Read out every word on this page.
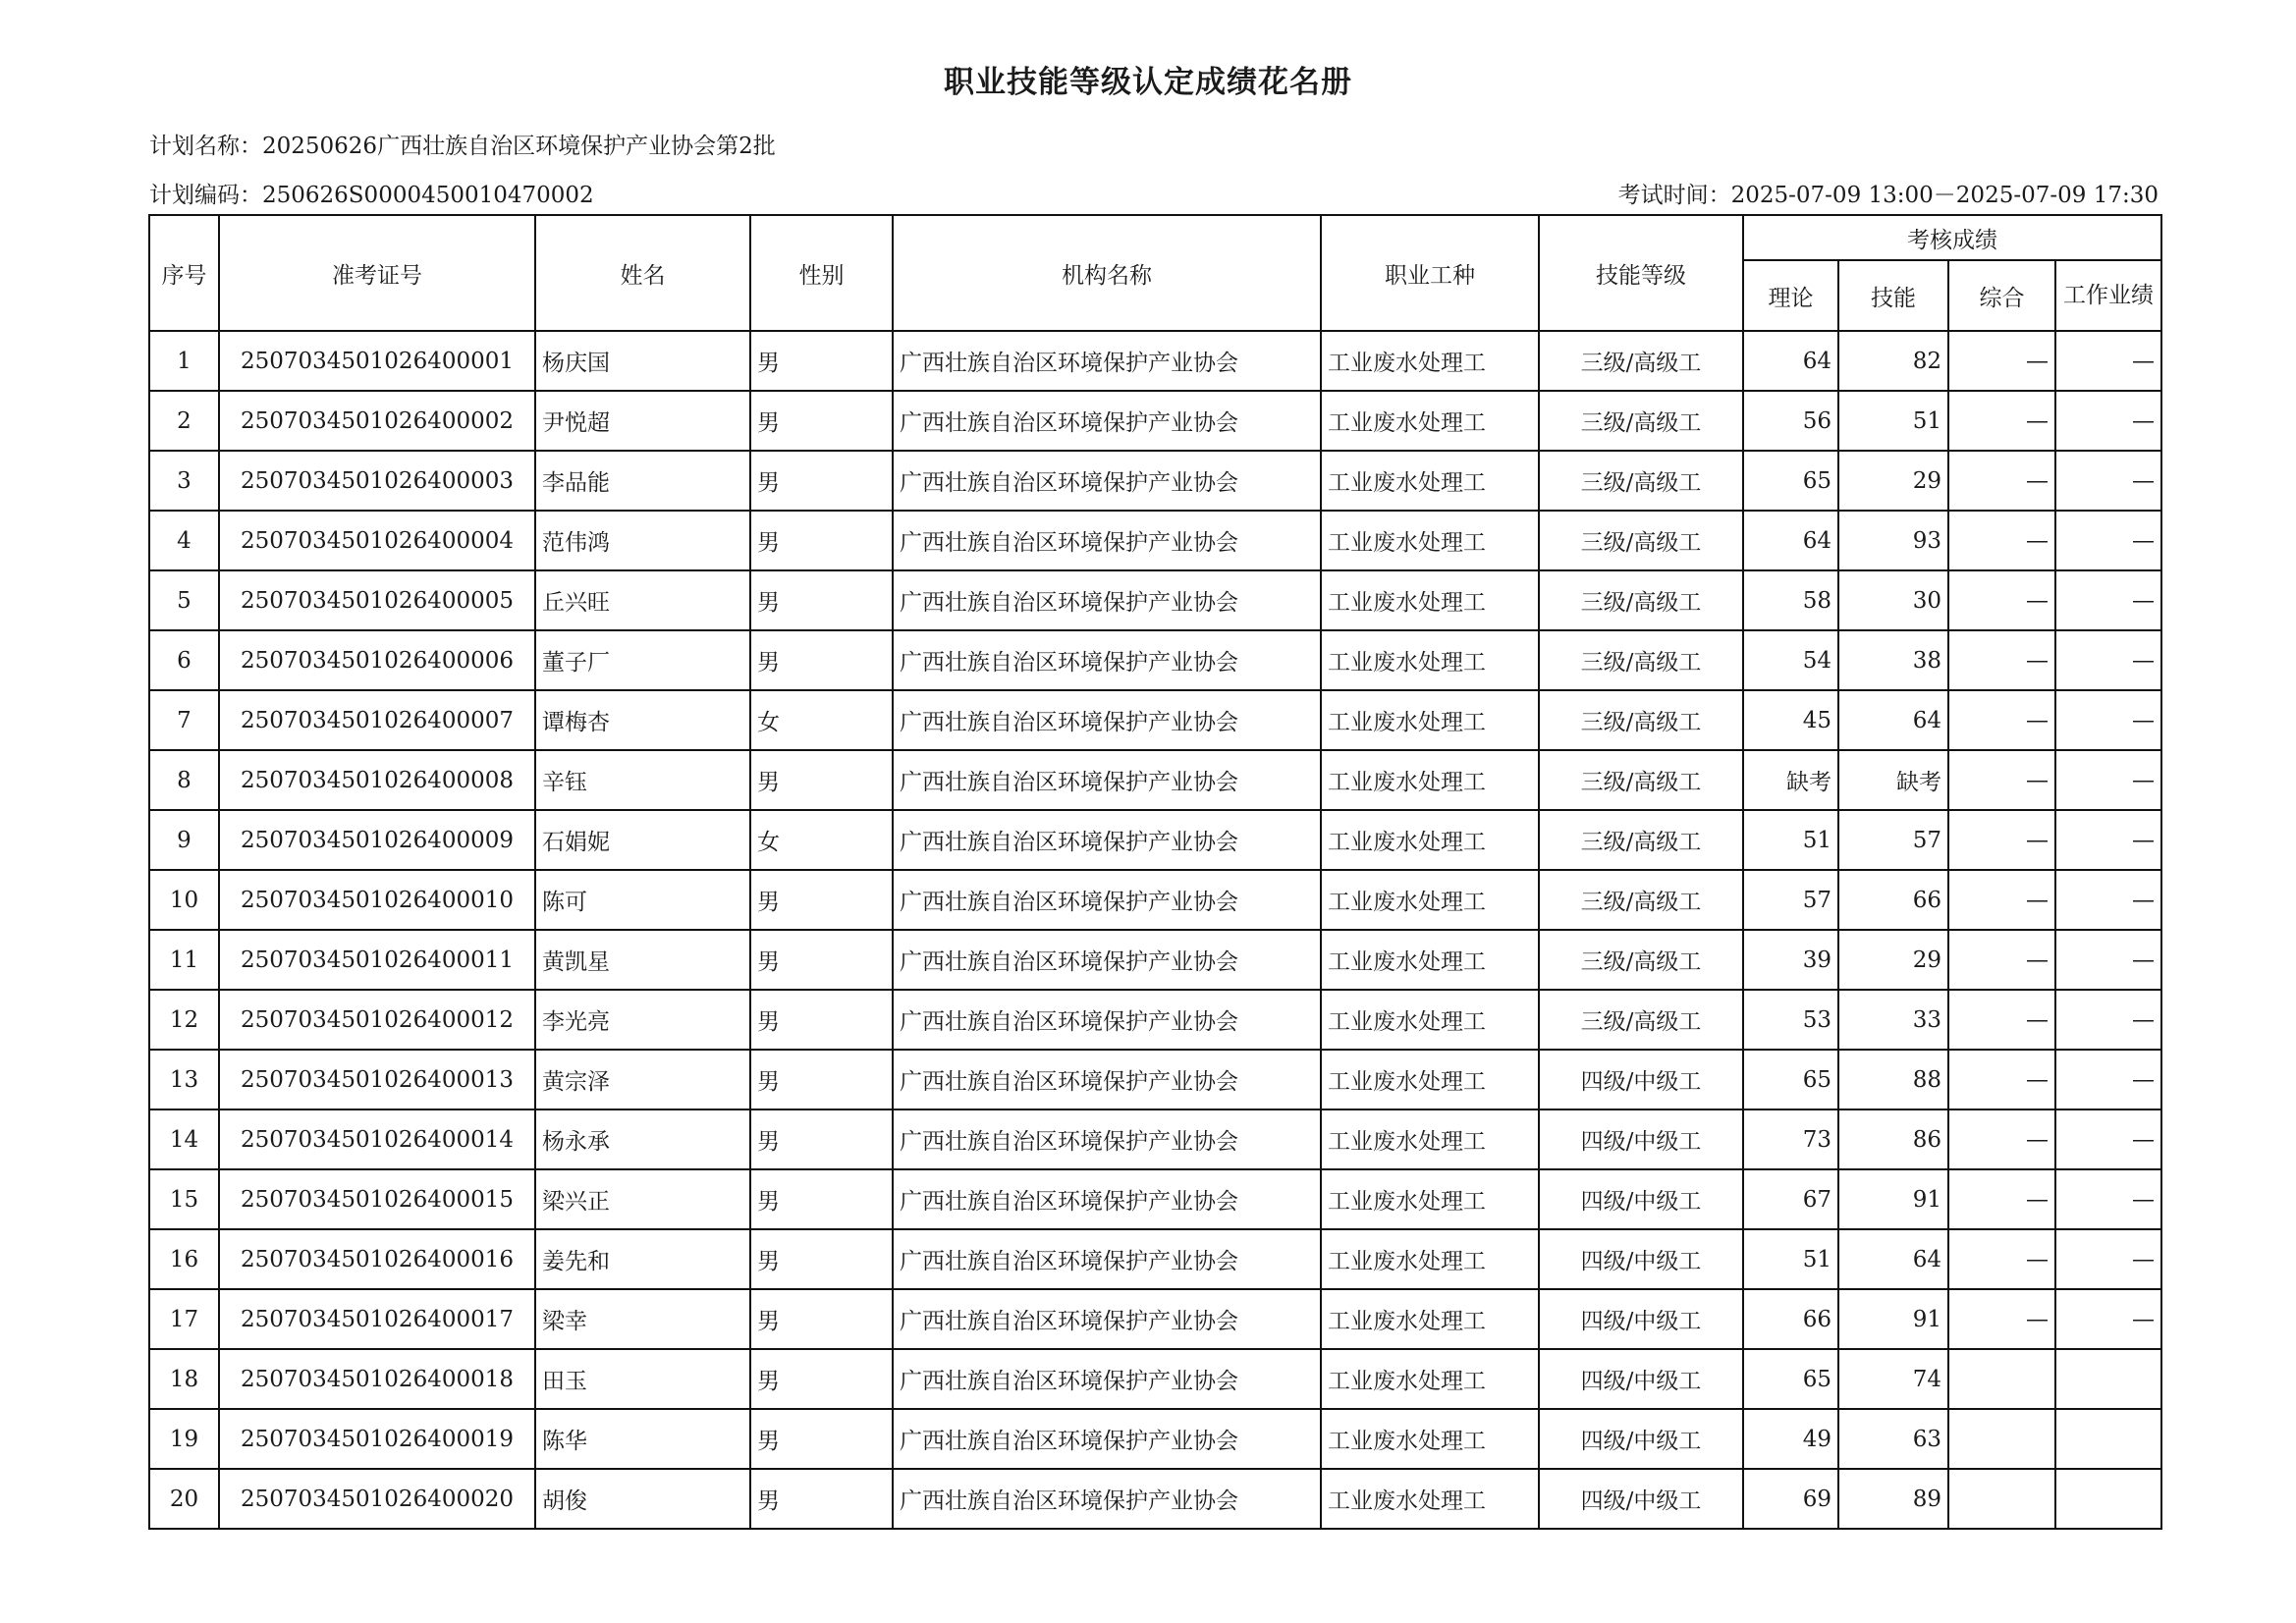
职业技能等级认定成绩花名册
计划名称：20250626广西壮族自治区环境保护产业协会第2批
计划编码：250626S0000450010470002	考试时间：2025-07-09 13:00－2025-07-09 17:30
序号	准考证号	姓名	性别	机构名称	职业工种	技能等级	考核成绩			
							理论	技能	综合	工作业绩
1	2507034501026400001	杨庆国	男	广西壮族自治区环境保护产业协会	工业废水处理工	三级/高级工	64	82	—	—
2	2507034501026400002	尹悦超	男	广西壮族自治区环境保护产业协会	工业废水处理工	三级/高级工	56	51	—	—
3	2507034501026400003	李品能	男	广西壮族自治区环境保护产业协会	工业废水处理工	三级/高级工	65	29	—	—
4	2507034501026400004	范伟鸿	男	广西壮族自治区环境保护产业协会	工业废水处理工	三级/高级工	64	93	—	—
5	2507034501026400005	丘兴旺	男	广西壮族自治区环境保护产业协会	工业废水处理工	三级/高级工	58	30	—	—
6	2507034501026400006	董子厂	男	广西壮族自治区环境保护产业协会	工业废水处理工	三级/高级工	54	38	—	—
7	2507034501026400007	谭梅杏	女	广西壮族自治区环境保护产业协会	工业废水处理工	三级/高级工	45	64	—	—
8	2507034501026400008	辛钰	男	广西壮族自治区环境保护产业协会	工业废水处理工	三级/高级工	缺考	缺考	—	—
9	2507034501026400009	石娟妮	女	广西壮族自治区环境保护产业协会	工业废水处理工	三级/高级工	51	57	—	—
10	2507034501026400010	陈可	男	广西壮族自治区环境保护产业协会	工业废水处理工	三级/高级工	57	66	—	—
11	2507034501026400011	黄凯星	男	广西壮族自治区环境保护产业协会	工业废水处理工	三级/高级工	39	29	—	—
12	2507034501026400012	李光亮	男	广西壮族自治区环境保护产业协会	工业废水处理工	三级/高级工	53	33	—	—
13	2507034501026400013	黄宗泽	男	广西壮族自治区环境保护产业协会	工业废水处理工	四级/中级工	65	88	—	—
14	2507034501026400014	杨永承	男	广西壮族自治区环境保护产业协会	工业废水处理工	四级/中级工	73	86	—	—
15	2507034501026400015	梁兴正	男	广西壮族自治区环境保护产业协会	工业废水处理工	四级/中级工	67	91	—	—
16	2507034501026400016	姜先和	男	广西壮族自治区环境保护产业协会	工业废水处理工	四级/中级工	51	64	—	—
17	2507034501026400017	梁幸	男	广西壮族自治区环境保护产业协会	工业废水处理工	四级/中级工	66	91	—	—
18	2507034501026400018	田玉	男	广西壮族自治区环境保护产业协会	工业废水处理工	四级/中级工	65	74		
19	2507034501026400019	陈华	男	广西壮族自治区环境保护产业协会	工业废水处理工	四级/中级工	49	63		
20	2507034501026400020	胡俊	男	广西壮族自治区环境保护产业协会	工业废水处理工	四级/中级工	69	89		
